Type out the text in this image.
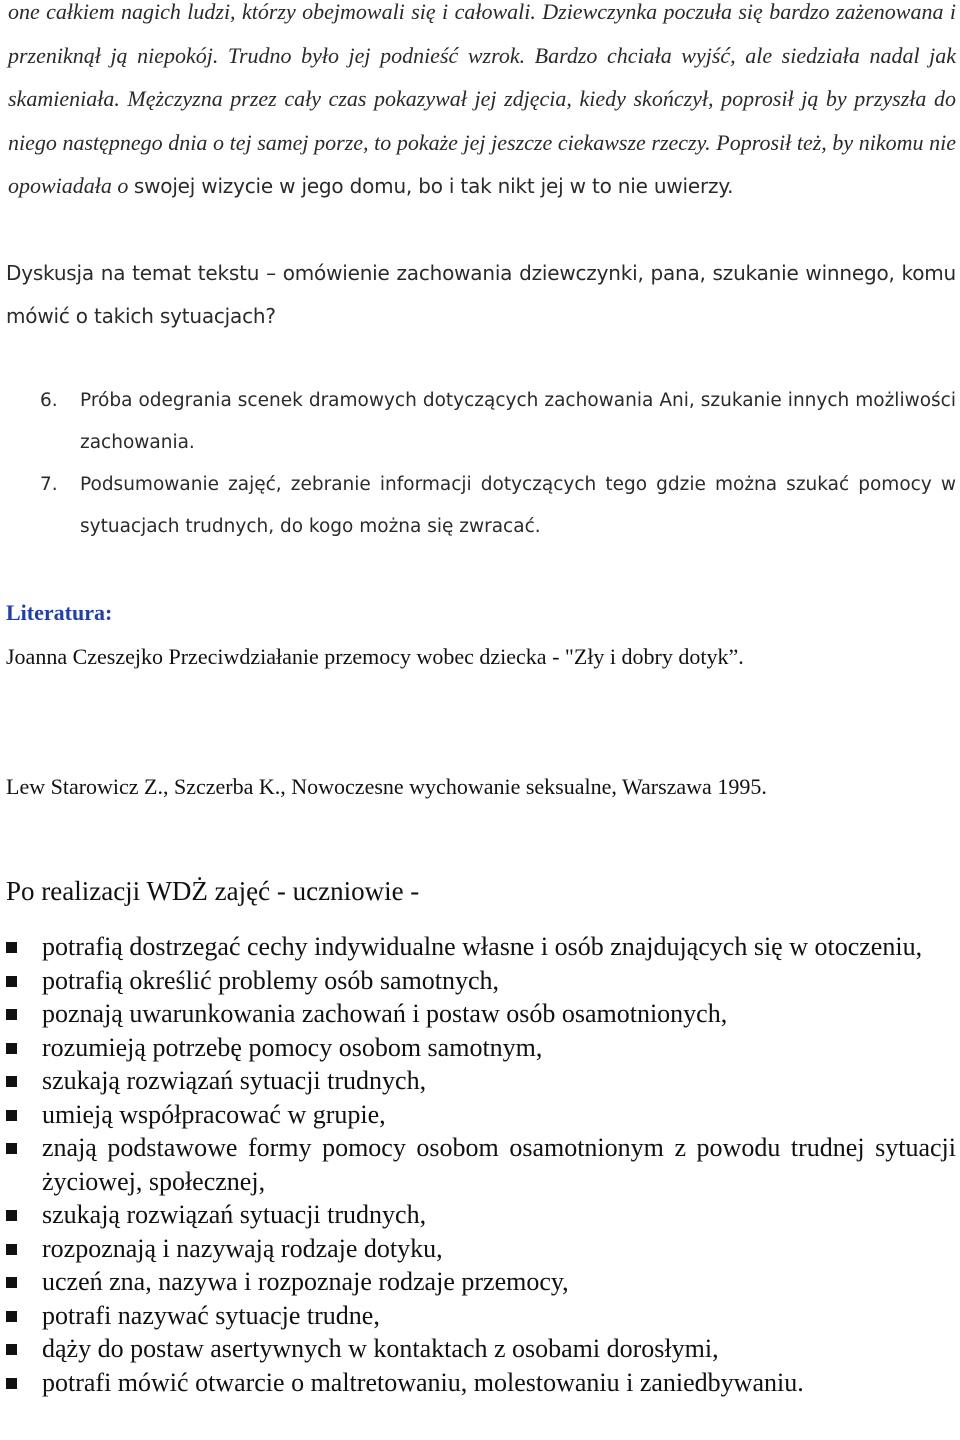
one całkiem nagich ludzi, którzy obejmowali się i całowali. Dziewczynka poczuła się bardzo zażenowana i przeniknął ją niepokój. Trudno było jej podnieść wzrok. Bardzo chciała wyjść, ale siedziała nadal jak skamieniała. Mężczyzna przez cały czas pokazywał jej zdjęcia, kiedy skończył, poprosił ją by przyszła do niego następnego dnia o tej samej porze, to pokaże jej jeszcze ciekawsze rzeczy. Poprosił też, by nikomu nie opowiadała o swojej wizycie w jego domu, bo i tak nikt jej w to nie uwierzy.

Dyskusja na temat tekstu – omówienie zachowania dziewczynki, pana, szukanie winnego, komu mówić o takich sytuacjach?

6. Próba odegrania scenek dramowych dotyczących zachowania Ani, szukanie innych możliwości zachowania.
7. Podsumowanie zajęć, zebranie informacji dotyczących tego gdzie można szukać pomocy w sytuacjach trudnych, do kogo można się zwracać.

Literatura:

Joanna Czeszejko Przeciwdziałanie przemocy wobec dziecka - "Zły i dobry dotyk”.

Lew Starowicz Z., Szczerba K., Nowoczesne wychowanie seksualne, Warszawa 1995.

Po realizacji WDŻ zajęć - uczniowie -

potrafią dostrzegać cechy indywidualne własne i osób znajdujących się w otoczeniu,
potrafią określić problemy osób samotnych,
poznają uwarunkowania zachowań i postaw osób osamotnionych,
rozumieją potrzebę pomocy osobom samotnym,
szukają rozwiązań sytuacji trudnych,
umieją współpracować w grupie,
znają podstawowe formy pomocy osobom osamotnionym z powodu trudnej sytuacji życiowej, społecznej,
szukają rozwiązań sytuacji trudnych,
rozpoznają i nazywają rodzaje dotyku,
uczeń zna, nazywa i rozpoznaje rodzaje przemocy,
potrafi nazywać sytuacje trudne,
dąży do postaw asertywnych w kontaktach z osobami dorosłymi,
potrafi mówić otwarcie o maltretowaniu, molestowaniu i zaniedbywaniu.
